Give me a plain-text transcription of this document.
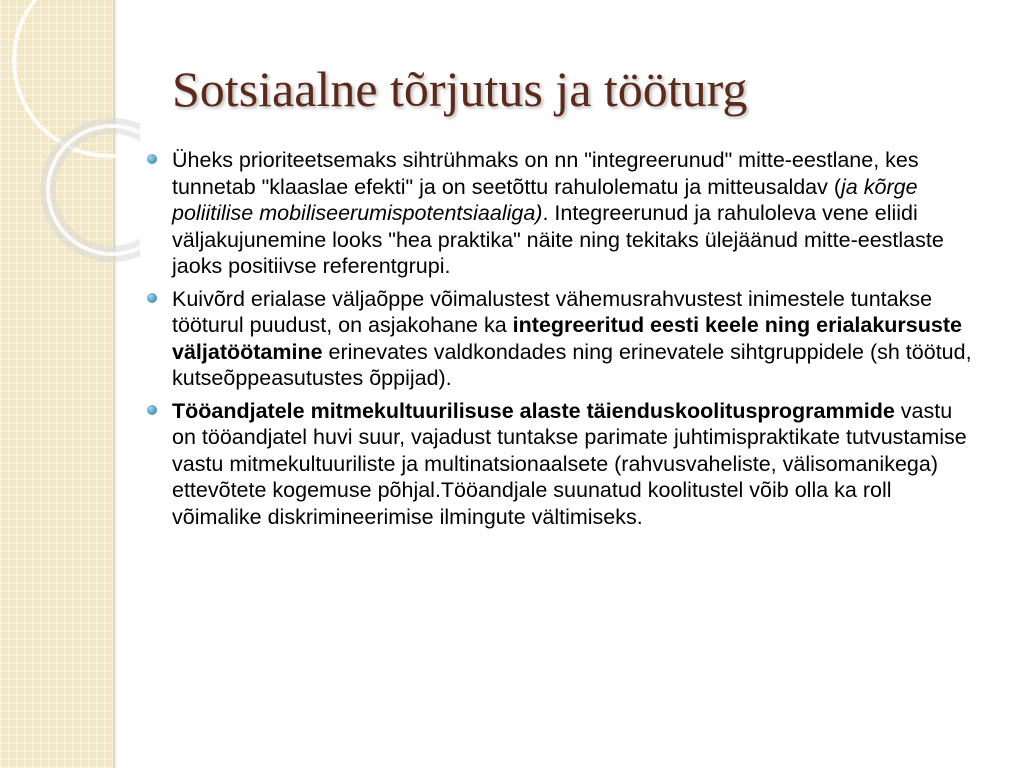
Sotsiaalne tõrjutus ja tööturg
Üheks prioriteetsemaks sihtrühmaks on nn "integreerunud" mitte-eestlane, kes tunnetab "klaaslae efekti" ja on seetõttu rahulolematu ja mitteusaldav (ja kõrge poliitilise mobiliseerumispotentsiaaliga). Integreerunud ja rahuloleva vene eliidi väljakujunemine looks "hea praktika" näite ning tekitaks ülejäänud mitte-eestlaste jaoks positiivse referentgrupi.
Kuivõrd erialase väljaõppe võimalustest vähemusrahvustest inimestele tuntakse tööturul puudust, on asjakohane ka integreeritud eesti keele ning erialakursuste väljatöötamine erinevates valdkondades ning erinevatele sihtgruppidele (sh töötud, kutseõppeasutustes õppijad).
Tööandjatele mitmekultuurilisuse alaste täienduskoolitusprogrammide vastu on tööandjatel huvi suur, vajadust tuntakse parimate juhtimispraktikate tutvustamise vastu mitmekultuuriliste ja multinatsionaalsete (rahvusvaheliste, välisomanikega) ettevõtete kogemuse põhjal.Tööandjale suunatud koolitustel võib olla ka roll võimalike diskrimineerimise ilmingute vältimiseks.
